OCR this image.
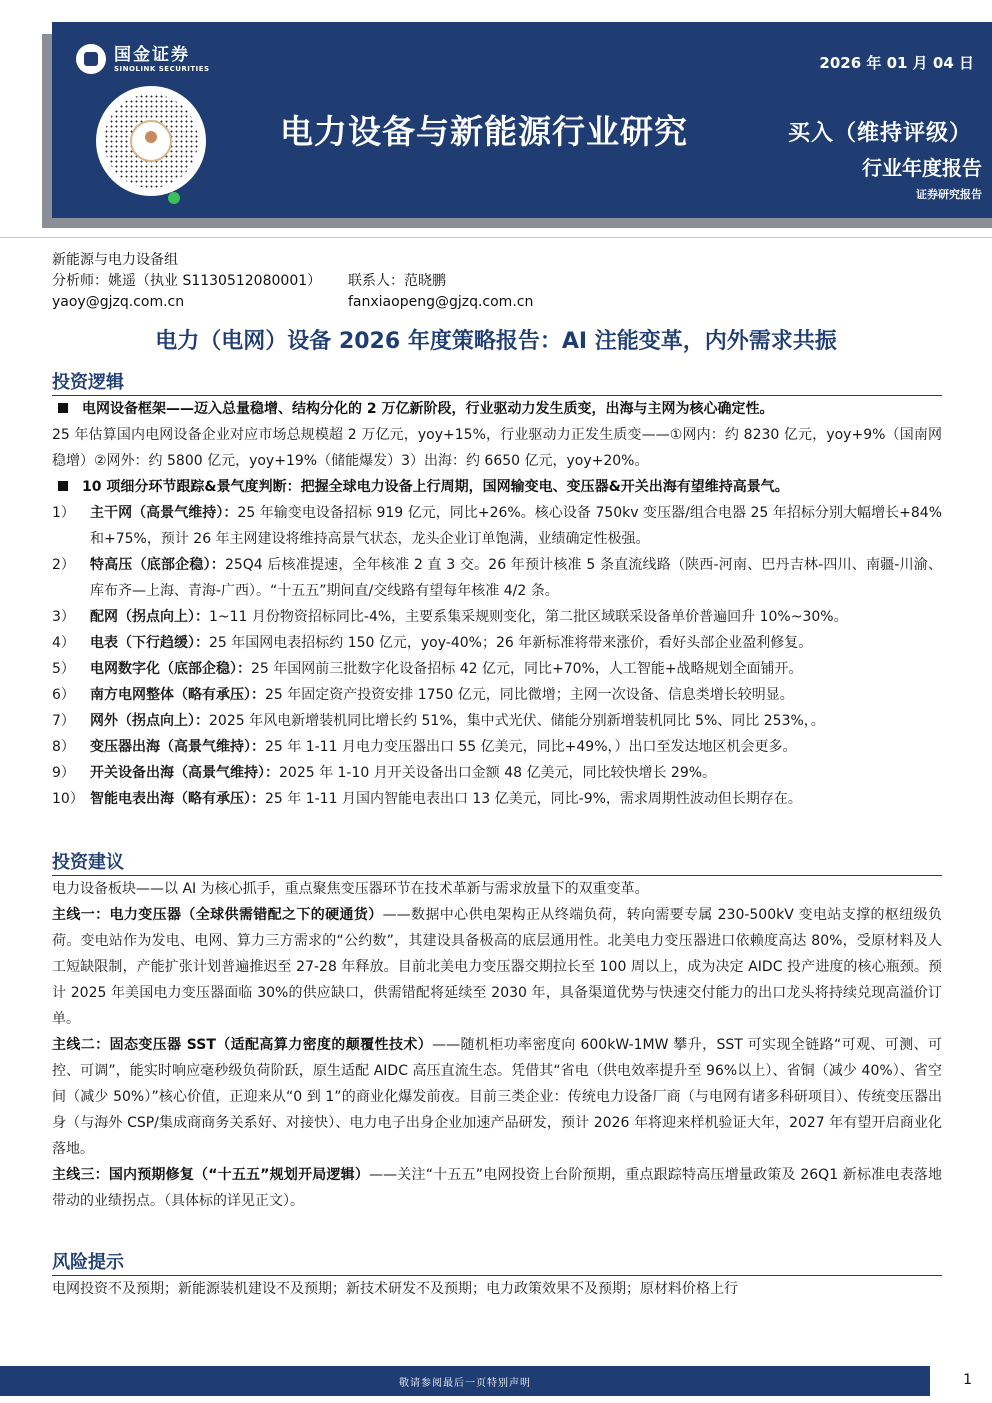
国金证券
SINOLINK SECURITIES	2026 年 01 月 04 日
电力设备与新能源行业研究	买入（维持评级）
行业年度报告
证券研究报告
新能源与电力设备组
分析师：姚遥（执业 S1130512080001）	联系人：范晓鹏
yaoy@gjzq.com.cn	fanxiaopeng@gjzq.com.cn
电力（电网）设备 2026 年度策略报告：AI 注能变革，内外需求共振
投资逻辑
电网设备框架——迈入总量稳增、结构分化的 2 万亿新阶段，行业驱动力发生质变，出海与主网为核心确定性。
25 年估算国内电网设备企业对应市场总规模超 2 万亿元，yoy+15%，行业驱动力正发生质变——①网内：约 8230 亿元，yoy+9%（国南网稳增）②网外：约 5800 亿元，yoy+19%（储能爆发）3）出海：约 6650 亿元，yoy+20%。
10 项细分环节跟踪&景气度判断：把握全球电力设备上行周期，国网输变电、变压器&开关出海有望维持高景气。
1）	主干网（高景气维持）：25 年输变电设备招标 919 亿元，同比+26%。核心设备 750kv 变压器/组合电器 25 年招标分别大幅增长+84%和+75%，预计 26 年主网建设将维持高景气状态，龙头企业订单饱满，业绩确定性极强。
2）	特高压（底部企稳）：25Q4 后核准提速，全年核准 2 直 3 交。26 年预计核准 5 条直流线路（陕西-河南、巴丹吉林-四川、南疆-川渝、库布齐—上海、青海-广西）。“十五五”期间直/交线路有望每年核准 4/2 条。
3）	配网（拐点向上）：1~11 月份物资招标同比-4%，主要系集采规则变化，第二批区域联采设备单价普遍回升 10%~30%。
4）	电表（下行趋缓）：25 年国网电表招标约 150 亿元，yoy-40%；26 年新标准将带来涨价，看好头部企业盈利修复。
5）	电网数字化（底部企稳）：25 年国网前三批数字化设备招标 42 亿元，同比+70%，人工智能+战略规划全面铺开。
6）	南方电网整体（略有承压）：25 年固定资产投资安排 1750 亿元，同比微增；主网一次设备、信息类增长较明显。
7）	网外（拐点向上）：2025 年风电新增装机同比增长约 51%，集中式光伏、储能分别新增装机同比 5%、同比 253%，。
8）	变压器出海（高景气维持）：25 年 1-11 月电力变压器出口 55 亿美元，同比+49%，）出口至发达地区机会更多。
9）	开关设备出海（高景气维持）：2025 年 1-10 月开关设备出口金额 48 亿美元，同比较快增长 29%。
10） 智能电表出海（略有承压）：25 年 1-11 月国内智能电表出口 13 亿美元，同比-9%，需求周期性波动但长期存在。
投资建议
电力设备板块——以 AI 为核心抓手，重点聚焦变压器环节在技术革新与需求放量下的双重变革。
主线一：电力变压器（全球供需错配之下的硬通货）——数据中心供电架构正从终端负荷，转向需要专属 230-500kV 变电站支撑的枢纽级负荷。变电站作为发电、电网、算力三方需求的“公约数”，其建设具备极高的底层通用性。北美电力变压器进口依赖度高达 80%，受原材料及人工短缺限制，产能扩张计划普遍推迟至 27-28 年释放。目前北美电力变压器交期拉长至 100 周以上，成为决定 AIDC 投产进度的核心瓶颈。预计 2025 年美国电力变压器面临 30%的供应缺口，供需错配将延续至 2030 年，具备渠道优势与快速交付能力的出口龙头将持续兑现高溢价订单。
主线二：固态变压器 SST（适配高算力密度的颠覆性技术）——随机柜功率密度向 600kW-1MW 攀升，SST 可实现全链路“可观、可测、可控、可调”，能实时响应毫秒级负荷阶跃，原生适配 AIDC 高压直流生态。凭借其“省电（供电效率提升至 96%以上）、省铜（减少 40%）、省空间（减少 50%）”核心价值，正迎来从“0 到 1”的商业化爆发前夜。目前三类企业：传统电力设备厂商（与电网有诸多科研项目）、传统变压器出身（与海外 CSP/集成商商务关系好、对接快）、电力电子出身企业加速产品研发，预计 2026 年将迎来样机验证大年，2027 年有望开启商业化落地。
主线三：国内预期修复（“十五五”规划开局逻辑）——关注“十五五”电网投资上台阶预期，重点跟踪特高压增量政策及 26Q1 新标准电表落地带动的业绩拐点。（具体标的详见正文）。
风险提示
电网投资不及预期；新能源装机建设不及预期；新技术研发不及预期；电力政策效果不及预期；原材料价格上行
敬请参阅最后一页特别声明	1
